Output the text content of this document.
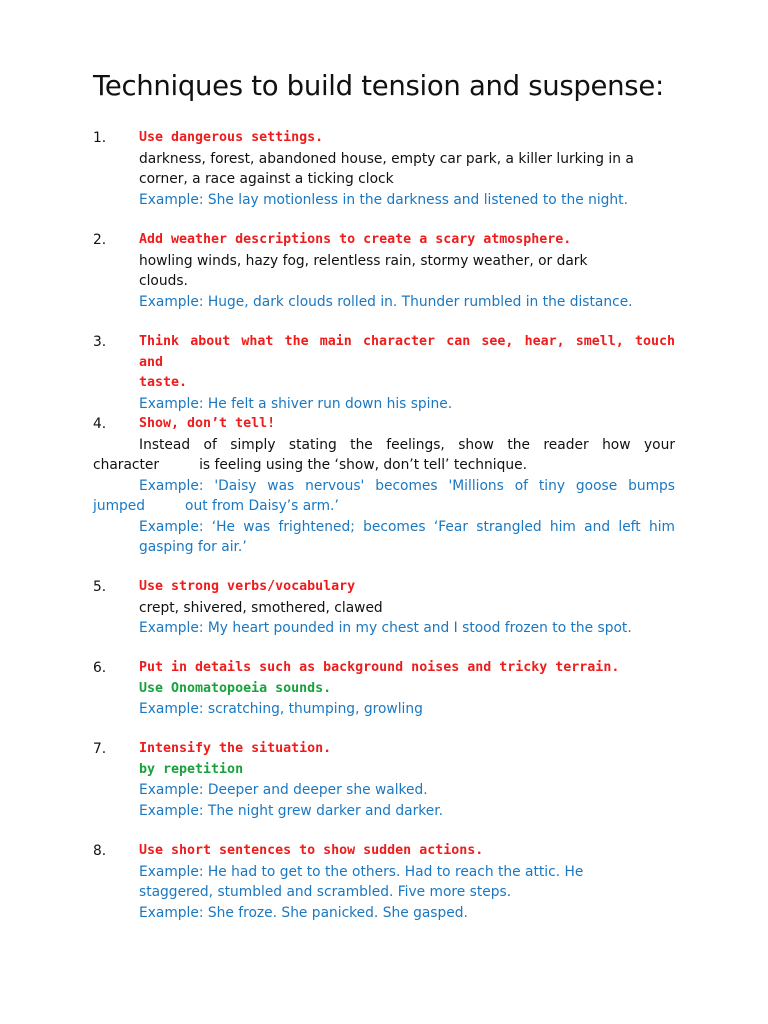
Techniques to build tension and suspense:
1.	Use dangerous settings.
darkness, forest, abandoned house, empty car park, a killer lurking in a
corner, a race against a ticking clock
Example: She lay motionless in the darkness and listened to the night.
2.	Add weather descriptions to create a scary atmosphere.
howling winds, hazy fog, relentless rain, stormy weather, or dark
clouds.
Example: Huge, dark clouds rolled in. Thunder rumbled in the distance.
3.	Think about what the main character can see, hear, smell, touch and
taste.
Example: He felt a shiver run down his spine.
4.	Show, don’t tell!
Instead of simply stating the feelings, show the reader how your
character	is feeling using the ‘show, don’t tell’ technique.
Example: 'Daisy was nervous' becomes 'Millions of tiny goose bumps
jumped	out from Daisy’s arm.’
Example: ‘He was frightened; becomes ‘Fear strangled him and left him
gasping for air.’
5.	Use strong verbs/vocabulary
crept, shivered, smothered, clawed
Example: My heart pounded in my chest and I stood frozen to the spot.
6.	Put in details such as background noises and tricky terrain.
Use Onomatopoeia sounds.
Example: scratching, thumping, growling
7.	Intensify the situation.
by repetition
Example: Deeper and deeper she walked.
Example: The night grew darker and darker.
8.	Use short sentences to show sudden actions.
Example: He had to get to the others. Had to reach the attic. He
staggered, stumbled and scrambled. Five more steps.
Example: She froze. She panicked. She gasped.
